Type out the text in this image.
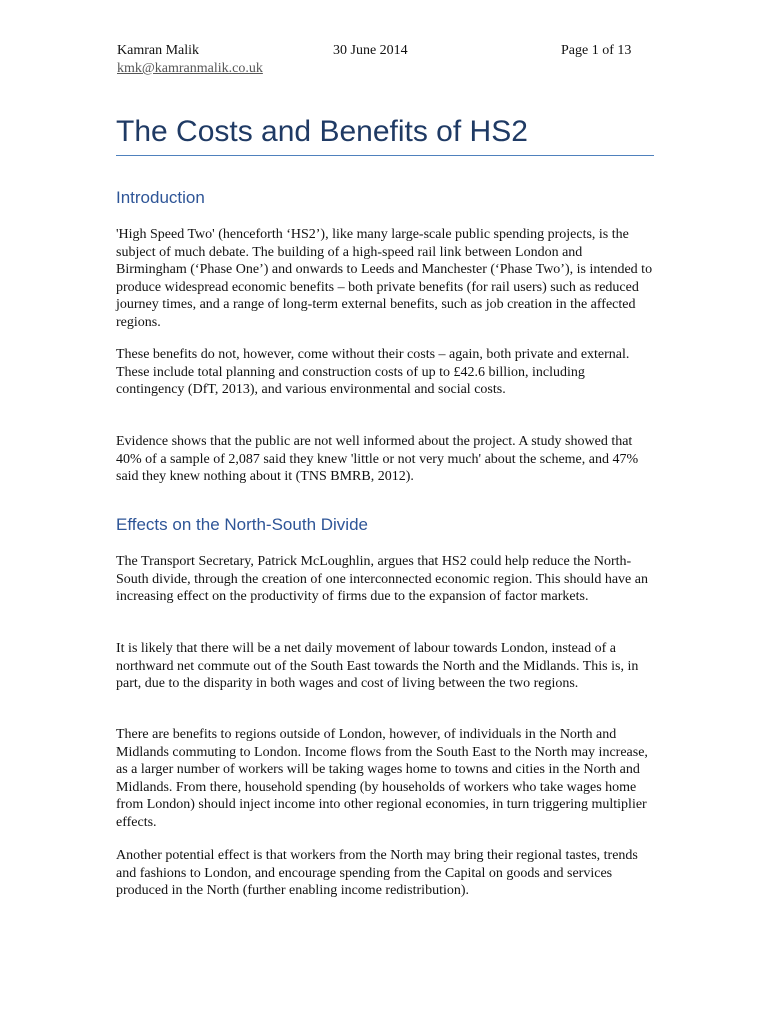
Kamran Malik	30 June 2014	Page 1 of 13
kmk@kamranmalik.co.uk
The Costs and Benefits of HS2
Introduction

'High Speed Two' (henceforth ‘HS2’), like many large-scale public spending projects, is the subject of much debate. The building of a high-speed rail link between London and Birmingham (‘Phase One’) and onwards to Leeds and Manchester (‘Phase Two’), is intended to produce widespread economic benefits – both private benefits (for rail users) such as reduced journey times, and a range of long-term external benefits, such as job creation in the affected regions.

These benefits do not, however, come without their costs – again, both private and external. These include total planning and construction costs of up to £42.6 billion, including contingency (DfT, 2013), and various environmental and social costs.

Evidence shows that the public are not well informed about the project. A study showed that 40% of a sample of 2,087 said they knew 'little or not very much' about the scheme, and 47% said they knew nothing about it (TNS BMRB, 2012).

Effects on the North-South Divide

The Transport Secretary, Patrick McLoughlin, argues that HS2 could help reduce the North-South divide, through the creation of one interconnected economic region. This should have an increasing effect on the productivity of firms due to the expansion of factor markets.

It is likely that there will be a net daily movement of labour towards London, instead of a northward net commute out of the South East towards the North and the Midlands. This is, in part, due to the disparity in both wages and cost of living between the two regions.

There are benefits to regions outside of London, however, of individuals in the North and Midlands commuting to London. Income flows from the South East to the North may increase, as a larger number of workers will be taking wages home to towns and cities in the North and Midlands. From there, household spending (by households of workers who take wages home from London) should inject income into other regional economies, in turn triggering multiplier effects.

Another potential effect is that workers from the North may bring their regional tastes, trends and fashions to London, and encourage spending from the Capital on goods and services produced in the North (further enabling income redistribution).
